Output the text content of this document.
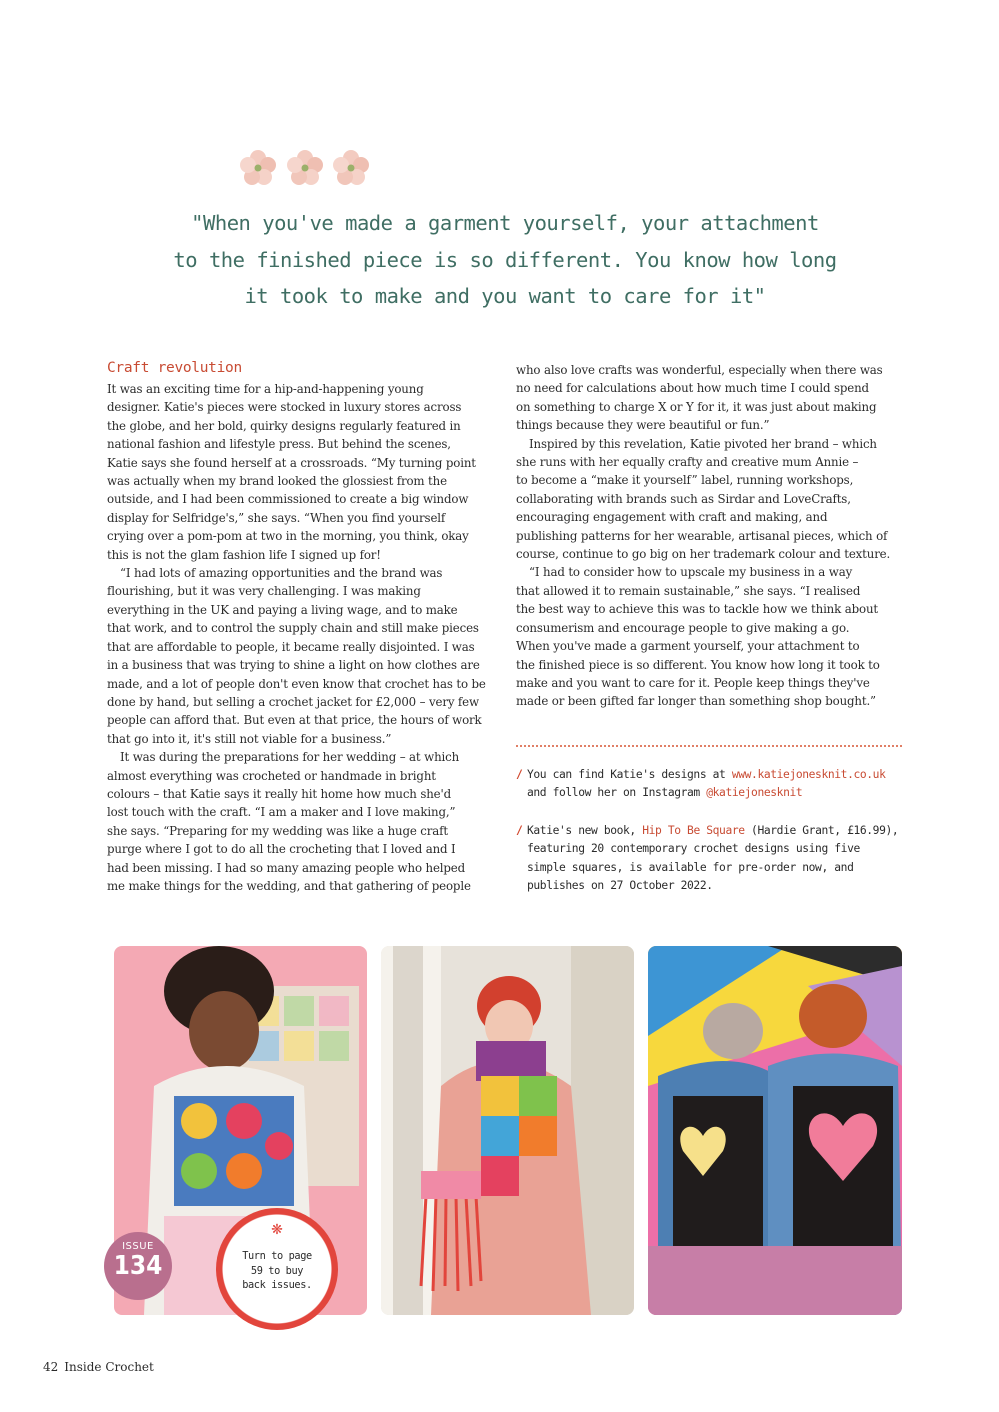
"When you've made a garment yourself, your attachment
to the finished piece is so different. You know how long
it took to make and you want to care for it"
Craft revolution

It was an exciting time for a hip-and-happening young

designer. Katie's pieces were stocked in luxury stores across

the globe, and her bold, quirky designs regularly featured in

national fashion and lifestyle press. But behind the scenes,

Katie says she found herself at a crossroads. “My turning point

was actually when my brand looked the glossiest from the

outside, and I had been commissioned to create a big window

display for Selfridge's,” she says. “When you find yourself

crying over a pom-pom at two in the morning, you think, okay

this is not the glam fashion life I signed up for!

“I had lots of amazing opportunities and the brand was

flourishing, but it was very challenging. I was making

everything in the UK and paying a living wage, and to make

that work, and to control the supply chain and still make pieces

that are affordable to people, it became really disjointed. I was

in a business that was trying to shine a light on how clothes are

made, and a lot of people don't even know that crochet has to be

done by hand, but selling a crochet jacket for £2,000 – very few

people can afford that. But even at that price, the hours of work

that go into it, it's still not viable for a business.”

It was during the preparations for her wedding – at which

almost everything was crocheted or handmade in bright

colours – that Katie says it really hit home how much she'd

lost touch with the craft. “I am a maker and I love making,”

she says. “Preparing for my wedding was like a huge craft

purge where I got to do all the crocheting that I loved and I

had been missing. I had so many amazing people who helped

me make things for the wedding, and that gathering of people

who also love crafts was wonderful, especially when there was

no need for calculations about how much time I could spend

on something to charge X or Y for it, it was just about making

things because they were beautiful or fun.”

Inspired by this revelation, Katie pivoted her brand – which

she runs with her equally crafty and creative mum Annie –

to become a “make it yourself” label, running workshops,

collaborating with brands such as Sirdar and LoveCrafts,

encouraging engagement with craft and making, and

publishing patterns for her wearable, artisanal pieces, which of

course, continue to go big on her trademark colour and texture.

“I had to consider how to upscale my business in a way

that allowed it to remain sustainable,” she says. “I realised

the best way to achieve this was to tackle how we think about

consumerism and encourage people to give making a go.

When you've made a garment yourself, your attachment to

the finished piece is so different. You know how long it took to

make and you want to care for it. People keep things they've

made or been gifted far longer than something shop bought.”

/ You can find Katie's designs at www.katiejonesknit.co.uk
and follow her on Instagram @katiejonesknit
/ Katie's new book, Hip To Be Square (Hardie Grant, £16.99),
featuring 20 contemporary crochet designs using five
simple squares, is available for pre-order now, and
publishes on 27 October 2022.
ISSUE
134
❋
Turn to page
59 to buy
back issues.
42 Inside Crochet
